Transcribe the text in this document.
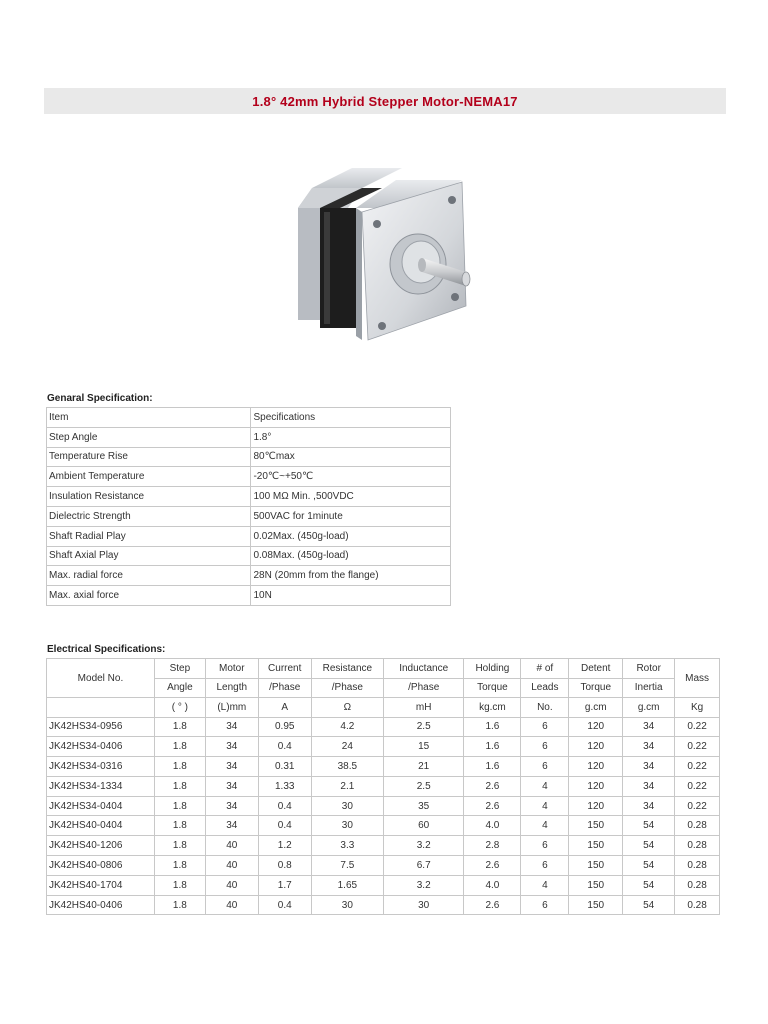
1.8° 42mm Hybrid Stepper Motor-NEMA17
Genaral Specification:
Item	Specifications
Step Angle	1.8°
Temperature Rise	80℃max
Ambient Temperature	-20℃~+50℃
Insulation Resistance	100 MΩ Min. ,500VDC
Dielectric Strength	500VAC for 1minute
Shaft Radial Play	0.02Max. (450g-load)
Shaft Axial Play	0.08Max. (450g-load)
Max. radial force	28N (20mm from the flange)
Max. axial force	10N
Electrical Specifications:
Model No.	Step	Motor	Current	Resistance	Inductance	Holding	# of	Detent	Rotor	Mass
	Angle	Length	/Phase	/Phase	/Phase	Torque	Leads	Torque	Inertia	
	( ° )	(L)mm	A	Ω	mH	kg.cm	No.	g.cm	g.cm	Kg
JK42HS34-0956	1.8	34	0.95	4.2	2.5	1.6	6	120	34	0.22
JK42HS34-0406	1.8	34	0.4	24	15	1.6	6	120	34	0.22
JK42HS34-0316	1.8	34	0.31	38.5	21	1.6	6	120	34	0.22
JK42HS34-1334	1.8	34	1.33	2.1	2.5	2.6	4	120	34	0.22
JK42HS34-0404	1.8	34	0.4	30	35	2.6	4	120	34	0.22
JK42HS40-0404	1.8	34	0.4	30	60	4.0	4	150	54	0.28
JK42HS40-1206	1.8	40	1.2	3.3	3.2	2.8	6	150	54	0.28
JK42HS40-0806	1.8	40	0.8	7.5	6.7	2.6	6	150	54	0.28
JK42HS40-1704	1.8	40	1.7	1.65	3.2	4.0	4	150	54	0.28
JK42HS40-0406	1.8	40	0.4	30	30	2.6	6	150	54	0.28
